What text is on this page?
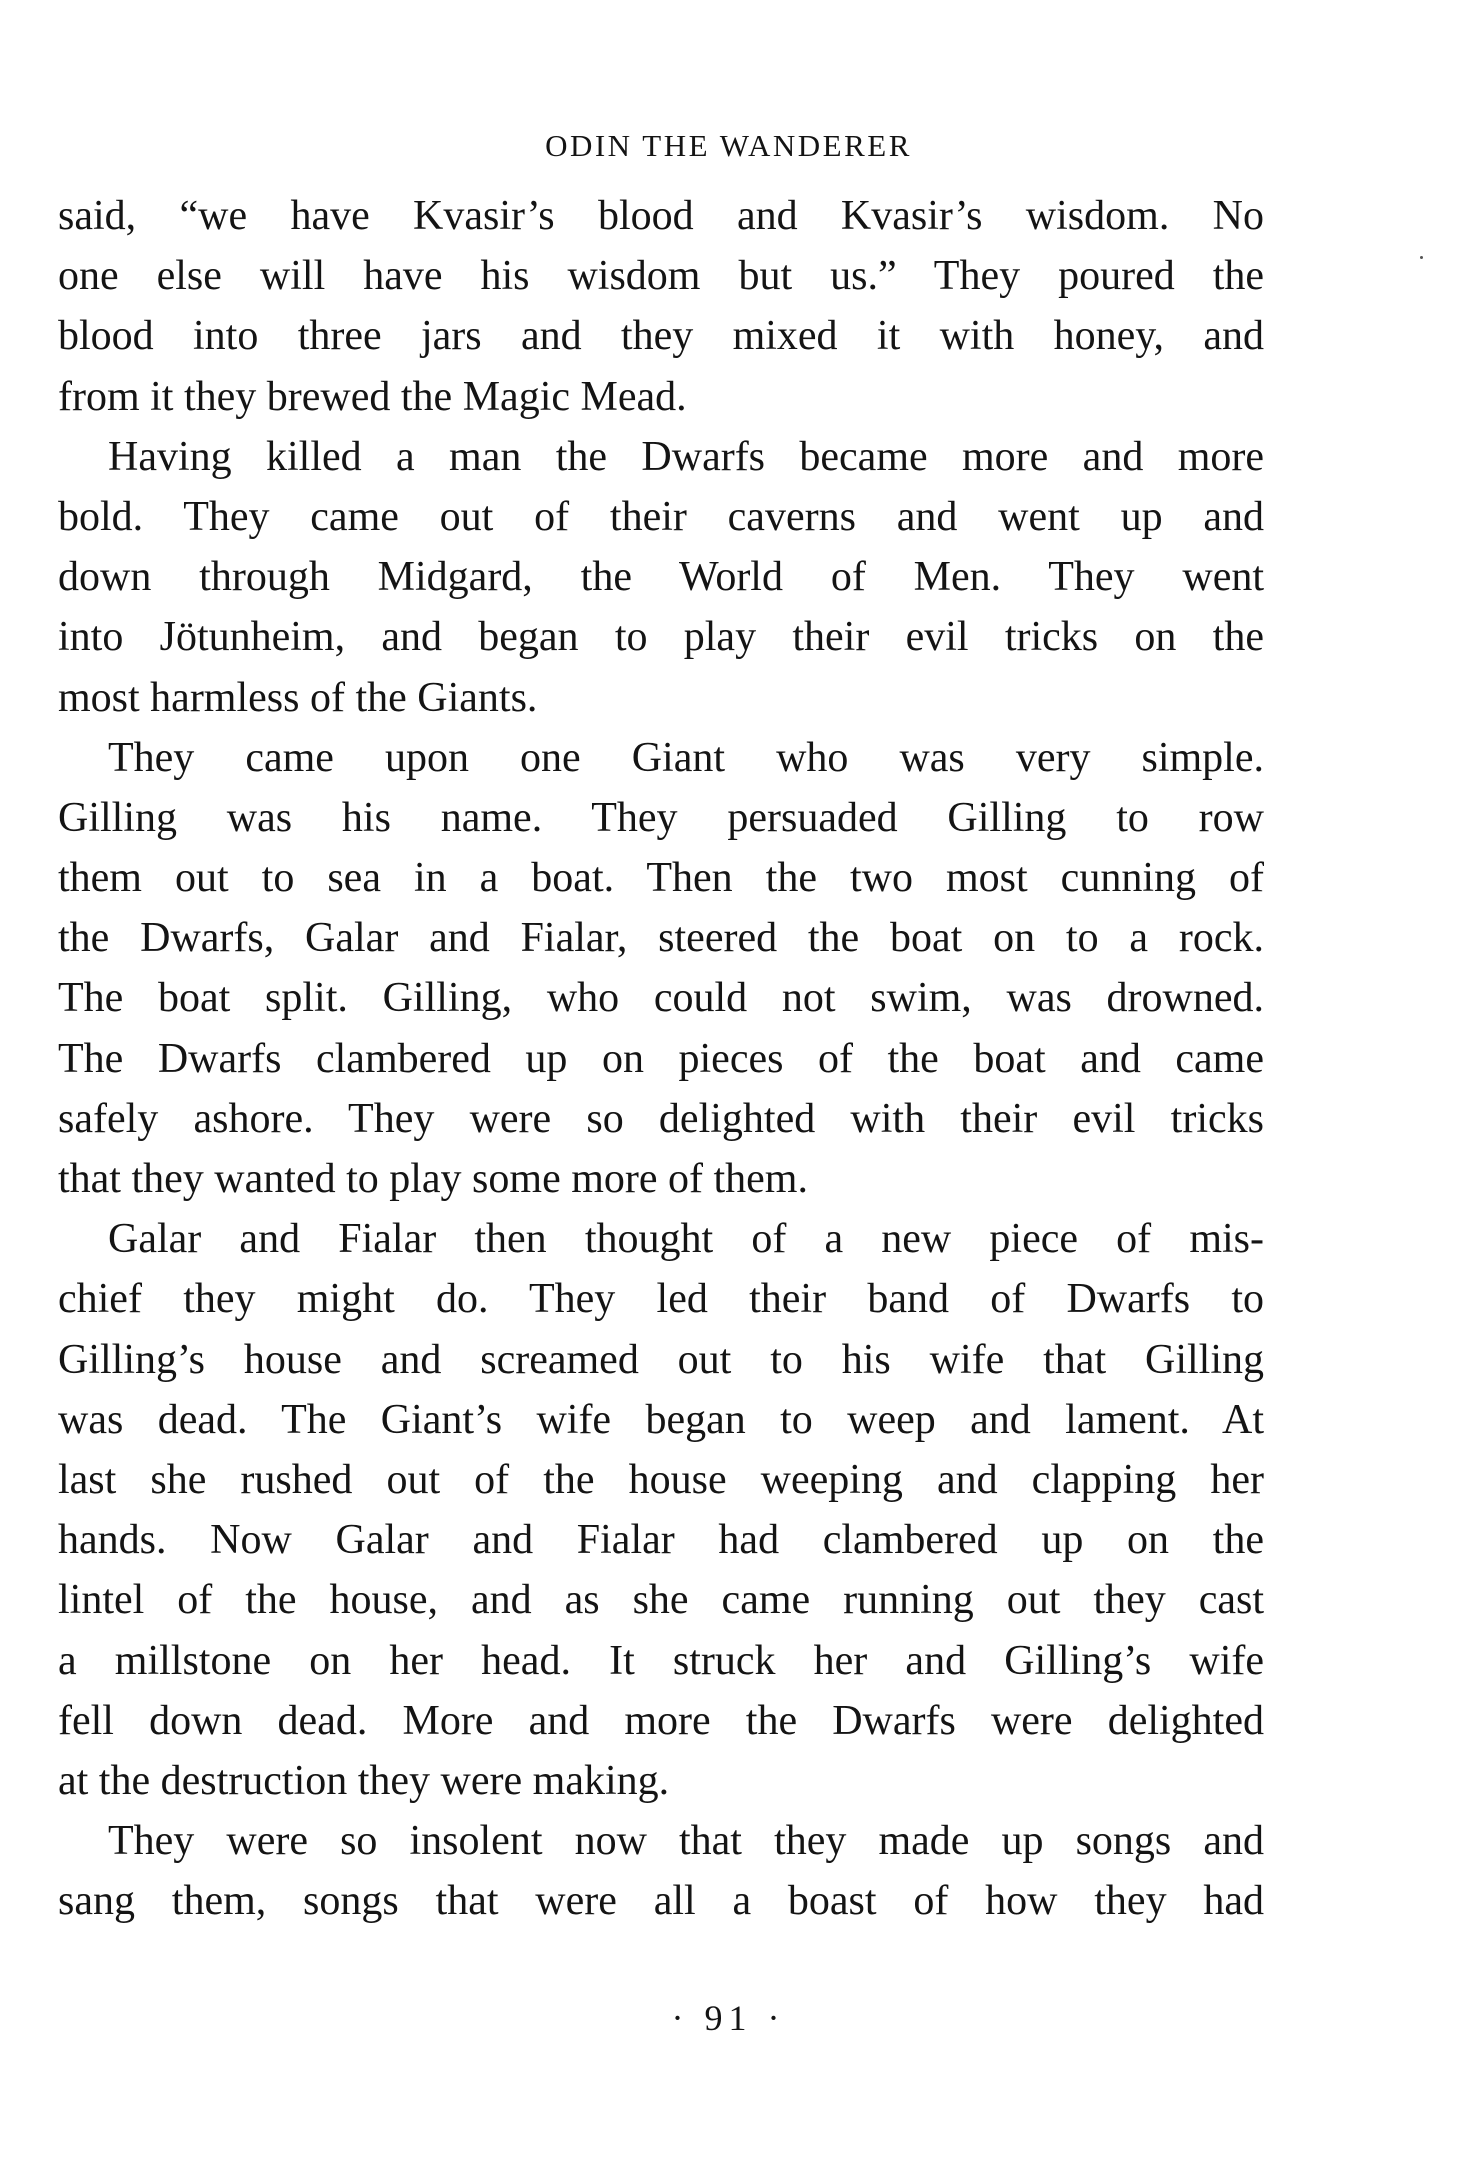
ODIN THE WANDERER
said, “we have Kvasir’s blood and Kvasir’s wisdom. No
one else will have his wisdom but us.” They poured the
blood into three jars and they mixed it with honey, and
from it they brewed the Magic Mead.
Having killed a man the Dwarfs became more and more
bold. They came out of their caverns and went up and
down through Midgard, the World of Men. They went
into Jötunheim, and began to play their evil tricks on the
most harmless of the Giants.
They came upon one Giant who was very simple.
Gilling was his name. They persuaded Gilling to row
them out to sea in a boat. Then the two most cunning of
the Dwarfs, Galar and Fialar, steered the boat on to a rock.
The boat split. Gilling, who could not swim, was drowned.
The Dwarfs clambered up on pieces of the boat and came
safely ashore. They were so delighted with their evil tricks
that they wanted to play some more of them.
Galar and Fialar then thought of a new piece of mis-
chief they might do. They led their band of Dwarfs to
Gilling’s house and screamed out to his wife that Gilling
was dead. The Giant’s wife began to weep and lament. At
last she rushed out of the house weeping and clapping her
hands. Now Galar and Fialar had clambered up on the
lintel of the house, and as she came running out they cast
a millstone on her head. It struck her and Gilling’s wife
fell down dead. More and more the Dwarfs were delighted
at the destruction they were making.
They were so insolent now that they made up songs and
sang them, songs that were all a boast of how they had
· 91 ·
